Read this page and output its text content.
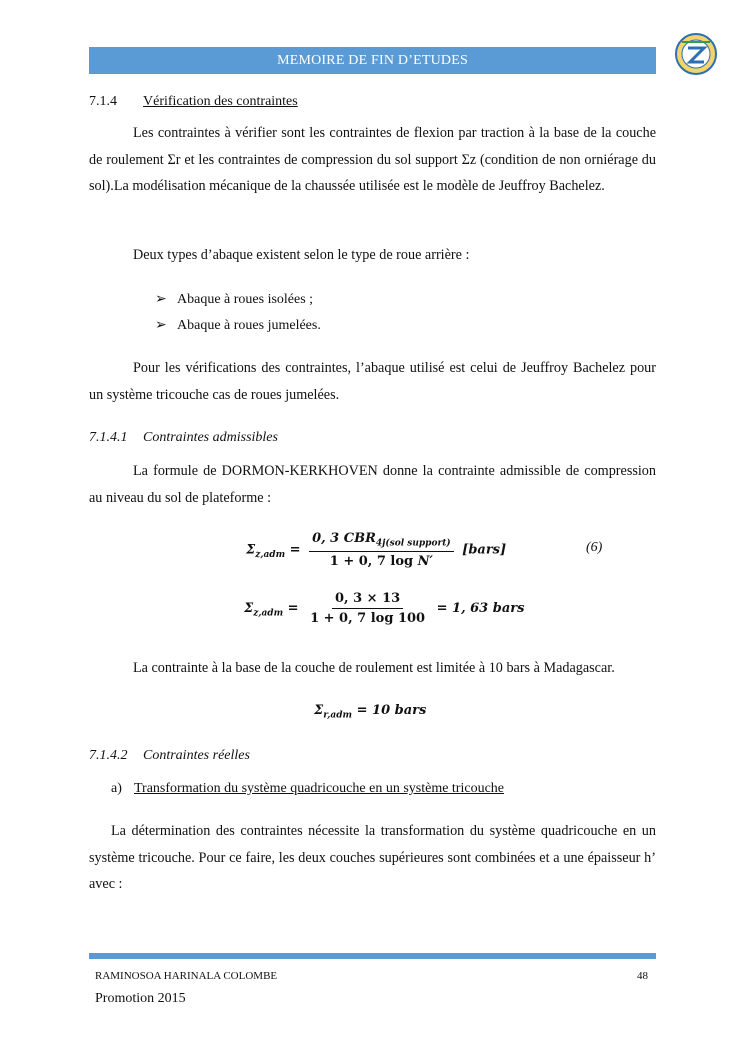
MEMOIRE DE FIN D’ETUDES
7.1.4 Vérification des contraintes
Les contraintes à vérifier sont les contraintes de flexion par traction à la base de la couche de roulement Σr et les contraintes de compression du sol support Σz (condition de non orniérage du sol).La modélisation mécanique de la chaussée utilisée est le modèle de Jeuffroy Bachelez.
Deux types d’abaque existent selon le type de roue arrière :
➢ Abaque à roues isolées ;
➢ Abaque à roues jumelées.
Pour les vérifications des contraintes, l’abaque utilisé est celui de Jeuffroy Bachelez pour un système tricouche cas de roues jumelées.
7.1.4.1 Contraintes admissibles
La formule de DORMON-KERKHOVEN donne la contrainte admissible de compression au niveau du sol de plateforme :
$\Sigma_{z,adm} = \frac{0, 3 CBR_{4j(sol support)}}{\text{1 + 0, 7 log N′}}$ [bars]	(6)
$\Sigma_{z,adm} = \frac{0, 3 \times 13}{1 + 0, 7 \log 100} = 1$, 63 bars
La contrainte à la base de la couche de roulement est limitée à 10 bars à Madagascar.
$\Sigma_{r,adm} = 10$ bars
7.1.4.2 Contraintes réelles
a) Transformation du système quadricouche en un système tricouche
La détermination des contraintes nécessite la transformation du système quadricouche en un système tricouche. Pour ce faire, les deux couches supérieures sont combinées et a une épaisseur h’ avec :
RAMINOSOA HARINALA COLOMBE	48
Promotion 2015
